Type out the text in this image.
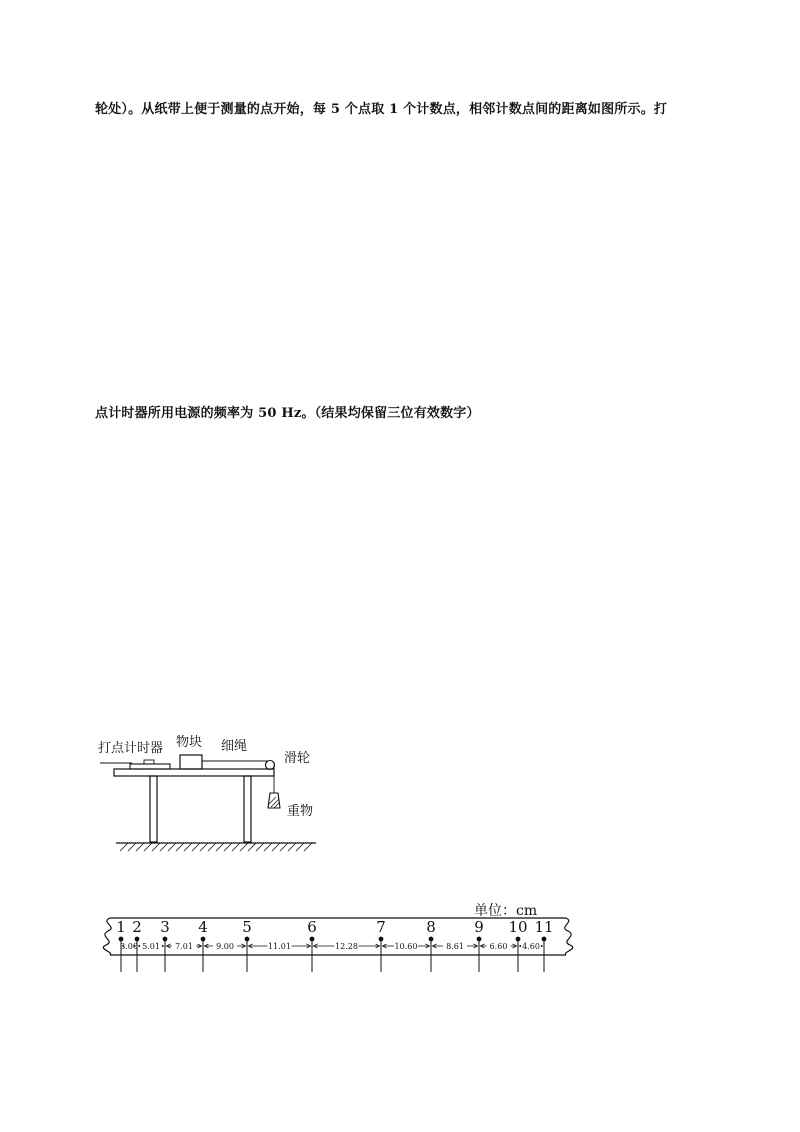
轮处）。从纸带上便于测量的点开始，每 5 个点取 1 个计数点，相邻计数点间的距离如图所示。打
点计时器所用电源的频率为 50 Hz。（结果均保留三位有效数字）
打点计时器 物块 细绳
滑轮
重物
单位：cm
1 2 3 4 5	6	7	8	9 10 11
3.00 5.01 7.01	9.00	11.01	12.28	10.60	8.61	6.60 4.60
